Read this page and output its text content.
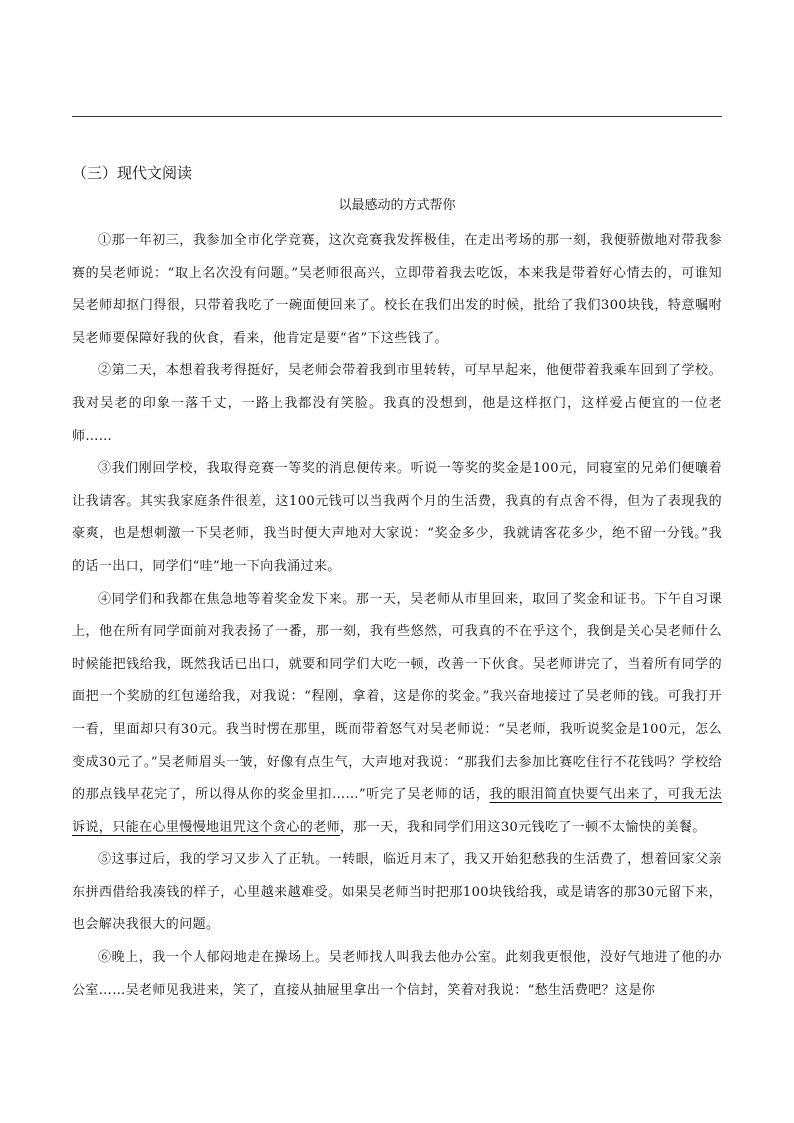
（三）现代文阅读
以最感动的方式帮你

①那一年初三，我参加全市化学竞赛，这次竞赛我发挥极佳，在走出考场的那一刻，我便骄傲地对带我参赛的吴老师说：“取上名次没有问题。”吴老师很高兴，立即带着我去吃饭，本来我是带着好心情去的，可谁知吴老师却抠门得很，只带着我吃了一碗面便回来了。校长在我们出发的时候，批给了我们300块钱，特意嘱咐吴老师要保障好我的伙食，看来，他肯定是要“省”下这些钱了。

②第二天，本想着我考得挺好，吴老师会带着我到市里转转，可早早起来，他便带着我乘车回到了学校。我对吴老的印象一落千丈，一路上我都没有笑脸。我真的没想到，他是这样抠门，这样爱占便宜的一位老师……

③我们刚回学校，我取得竞赛一等奖的消息便传来。听说一等奖的奖金是100元，同寝室的兄弟们便嚷着让我请客。其实我家庭条件很差，这100元钱可以当我两个月的生活费，我真的有点舍不得，但为了表现我的豪爽，也是想刺激一下吴老师，我当时便大声地对大家说：“奖金多少，我就请客花多少，绝不留一分钱。”我的话一出口，同学们“哇”地一下向我涌过来。

④同学们和我都在焦急地等着奖金发下来。那一天，吴老师从市里回来，取回了奖金和证书。下午自习课上，他在所有同学面前对我表扬了一番，那一刻，我有些悠然，可我真的不在乎这个，我倒是关心吴老师什么时候能把钱给我，既然我话已出口，就要和同学们大吃一顿，改善一下伙食。吴老师讲完了，当着所有同学的面把一个奖励的红包递给我，对我说：“程刚，拿着，这是你的奖金。”我兴奋地接过了吴老师的钱。可我打开一看，里面却只有30元。我当时愣在那里，既而带着怒气对吴老师说：“吴老师，我听说奖金是100元，怎么变成30元了。”吴老师眉头一皱，好像有点生气，大声地对我说：“那我们去参加比赛吃住行不花钱吗？学校给的那点钱早花完了，所以得从你的奖金里扣……”听完了吴老师的话，我的眼泪简直快要气出来了，可我无法诉说，只能在心里慢慢地诅咒这个贪心的老师，那一天，我和同学们用这30元钱吃了一顿不太愉快的美餐。

⑤这事过后，我的学习又步入了正轨。一转眼，临近月末了，我又开始犯愁我的生活费了，想着回家父亲东拼西借给我凑钱的样子，心里越来越难受。如果吴老师当时把那100块钱给我，或是请客的那30元留下来，也会解决我很大的问题。

⑥晚上，我一个人郁闷地走在操场上。吴老师找人叫我去他办公室。此刻我更恨他，没好气地进了他的办公室……吴老师见我进来，笑了，直接从抽屉里拿出一个信封，笑着对我说：“愁生活费吧？这是你
